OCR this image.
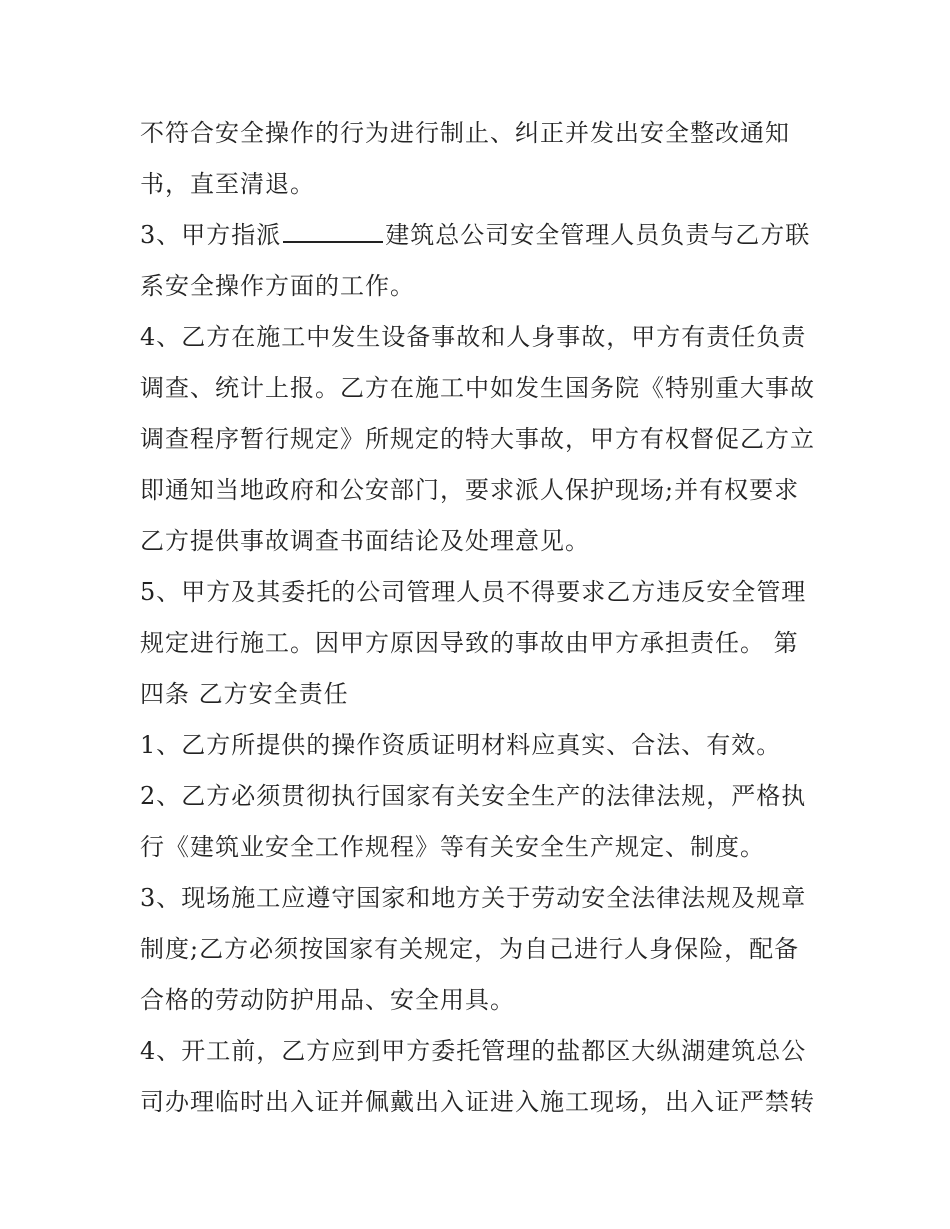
不符合安全操作的行为进行制止、纠正并发出安全整改通知
书，直至清退。
3、甲方指派	建筑总公司安全管理人员负责与乙方联
系安全操作方面的工作。
4、乙方在施工中发生设备事故和人身事故，甲方有责任负责
调查、统计上报。乙方在施工中如发生国务院《特别重大事故
调查程序暂行规定》所规定的特大事故，甲方有权督促乙方立
即通知当地政府和公安部门，要求派人保护现场;并有权要求
乙方提供事故调查书面结论及处理意见。
5、甲方及其委托的公司管理人员不得要求乙方违反安全管理
规定进行施工。因甲方原因导致的事故由甲方承担责任。 第
四条 乙方安全责任
1、乙方所提供的操作资质证明材料应真实、合法、有效。
2、乙方必须贯彻执行国家有关安全生产的法律法规，严格执
行《建筑业安全工作规程》等有关安全生产规定、制度。
3、现场施工应遵守国家和地方关于劳动安全法律法规及规章
制度;乙方必须按国家有关规定，为自己进行人身保险，配备
合格的劳动防护用品、安全用具。
4、开工前，乙方应到甲方委托管理的盐都区大纵湖建筑总公
司办理临时出入证并佩戴出入证进入施工现场，出入证严禁转
